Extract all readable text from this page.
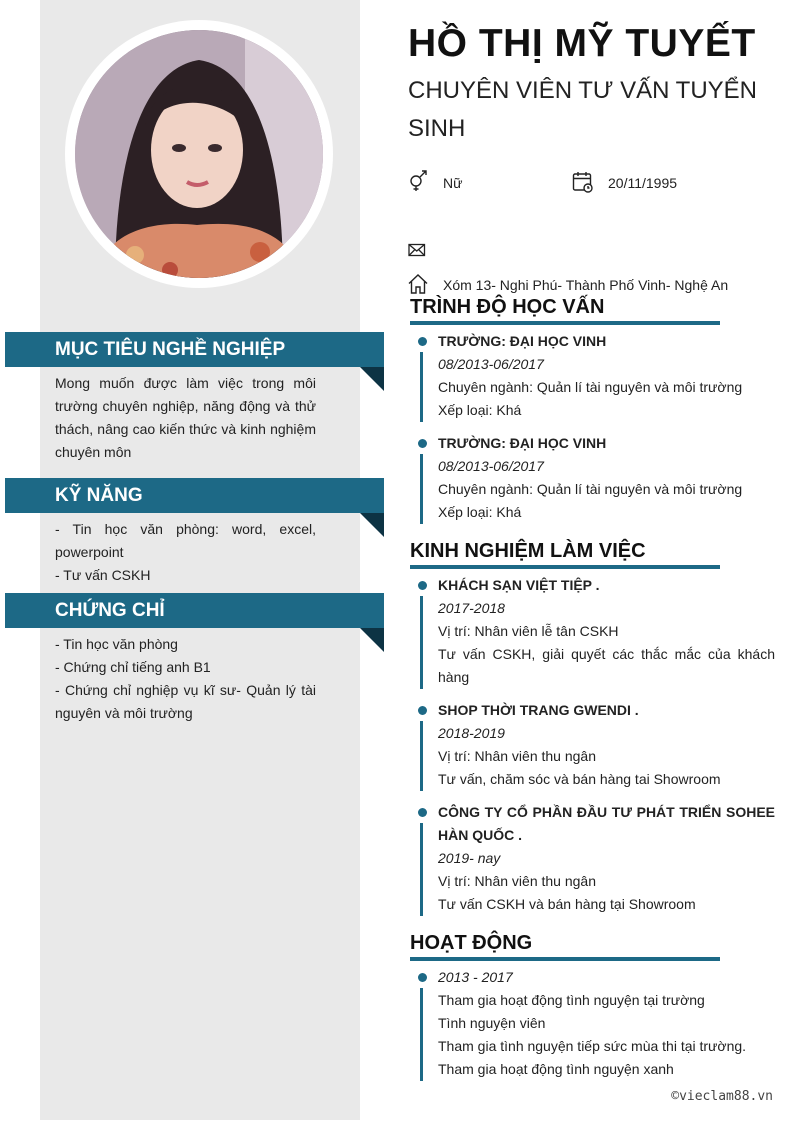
MỤC TIÊU NGHỀ NGHIỆP

Mong muốn được làm việc trong môi trường chuyên nghiệp, năng động và thử thách, nâng cao kiến thức và kinh nghiệm chuyên môn

KỸ NĂNG

- Tin học văn phòng: word, excel, powerpoint

- Tư vấn CSKH

CHỨNG CHỈ

- Tin học văn phòng

- Chứng chỉ tiếng anh B1

- Chứng chỉ nghiệp vụ kĩ sư- Quản lý tài nguyên và môi trường

HỒ THỊ MỸ TUYẾT
CHUYÊN VIÊN TƯ VẤN TUYỂN SINH
Nữ	20/11/1995
Xóm 13- Nghi Phú- Thành Phố Vinh- Nghệ An
TRÌNH ĐỘ HỌC VẤN
TRƯỜNG: ĐẠI HỌC VINH
08/2013-06/2017
Chuyên ngành: Quản lí tài nguyên và môi trường
Xếp loại: Khá
TRƯỜNG: ĐẠI HỌC VINH
08/2013-06/2017
Chuyên ngành: Quản lí tài nguyên và môi trường
Xếp loại: Khá
KINH NGHIỆM LÀM VIỆC
KHÁCH SẠN VIỆT TIỆP .
2017-2018
Vị trí: Nhân viên lễ tân CSKH
Tư vấn CSKH, giải quyết các thắc mắc của khách hàng
SHOP THỜI TRANG GWENDI .
2018-2019
Vị trí: Nhân viên thu ngân
Tư vấn, chăm sóc và bán hàng tai Showroom
CÔNG TY CỔ PHẦN ĐẦU TƯ PHÁT TRIỂN SOHEE HÀN QUỐC .
2019- nay
Vị trí: Nhân viên thu ngân
Tư vấn CSKH và bán hàng tại Showroom
HOẠT ĐỘNG
2013 - 2017
Tham gia hoạt động tình nguyện tại trường
Tình nguyện viên
Tham gia tình nguyện tiếp sức mùa thi tại trường.
Tham gia hoạt động tình nguyện xanh
©vieclam88.vn
